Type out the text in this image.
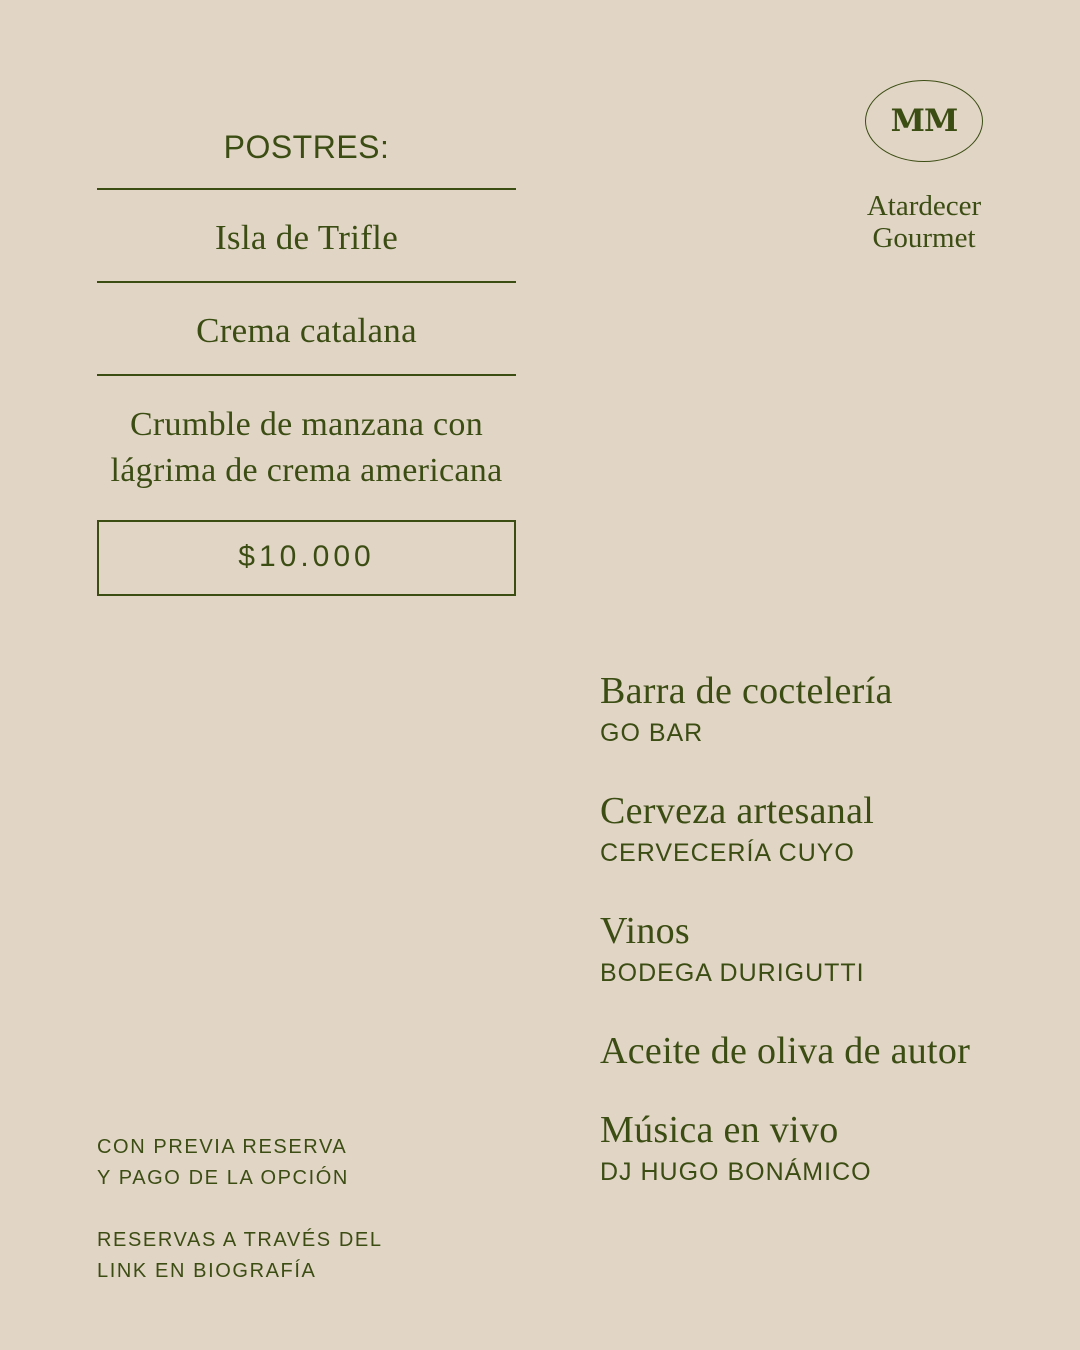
POSTRES:
Isla de Trifle
Crema catalana
Crumble de manzana con
lágrima de crema americana
$10.000
MM
Atardecer
Gourmet
Barra de coctelería
GO BAR
Cerveza artesanal
CERVECERÍA CUYO
Vinos
BODEGA DURIGUTTI
Aceite de oliva de autor
Música en vivo
DJ HUGO BONÁMICO
CON PREVIA RESERVA
Y PAGO DE LA OPCIÓN
RESERVAS A TRAVÉS DEL
LINK EN BIOGRAFÍA
